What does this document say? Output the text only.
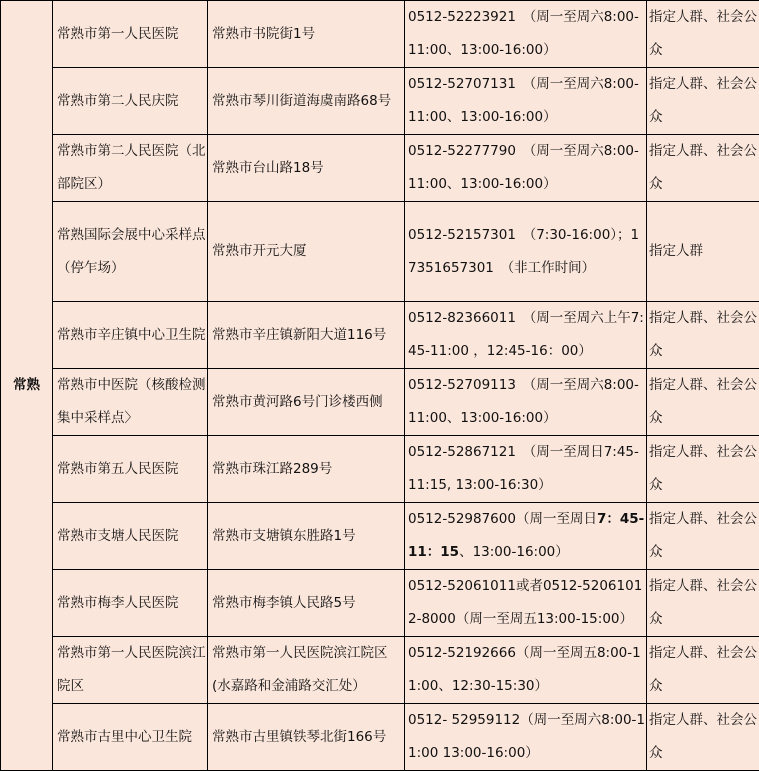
常熟	常熟市第一人民医院	常熟市书院街1号	0512-52223921　（周一至周六8:00-11:00、13:00-16:00）	指定人群、社会公众
	常熟市第二人民庆院	常熟市琴川街道海虞南路68号	0512-52707131　（周一至周六8:00-11:00、13:00-16:00）	指定人群、社会公众
	常熟市第二人民医院（北部院区）	常熟市台山路18号	0512-52277790　（周一至周六8:00-11:00、13:00-16:00）	指定人群、社会公众
	常熟国际会展中心采样点（停乍场）	常熟市开元大厦	0512-52157301　（7:30-16:00）；17351657301　（非工作时间）	指定人群
	常熟市辛庄镇中心卫生院	常熟市辛庄镇新阳大道116号	0512-82366011　（周一至周六上午7:45-11:00 ，12:45-16：00）	指定人群、社会公众
	常熟市中医院（核酸检测集中采样点〉	常熟市黄河路6号门诊楼西侧	0512-52709113　（周一至周六8:00-11:00、13:00-16:00）	指定人群、社会公众
	常熟市第五人民医院	常熟市珠江路289号	0512-52867121　（周一至周日7:45-11:15, 13:00-16:30）	指定人群、社会公众
	常熟市支塘人民医院	常熟市支塘镇东胜路1号	0512-52987600（周一至周日7：45-11：15、13:00-16:00）	指定人群、社会公众
	常熟市梅李人民医院	常熟市梅李镇人民路5号	0512-52061011或者0512-52061012-8000（周一至周五13:00-15:00）	指定人群、社会公众
	常熟市第一人民医院滨江院区	常熟市第一人民医院滨江院区(水嘉路和金浦路交汇处）	0512-52192666（周一至周五8:00-11:00、12:30-15:30）	指定人群、社会公众
	常熟市古里中心卫生院	常熟市古里镇铁琴北街166号	0512- 52959112（周一至周六8:00-11:00 13:00-16:00）	指定人群、社会公众
